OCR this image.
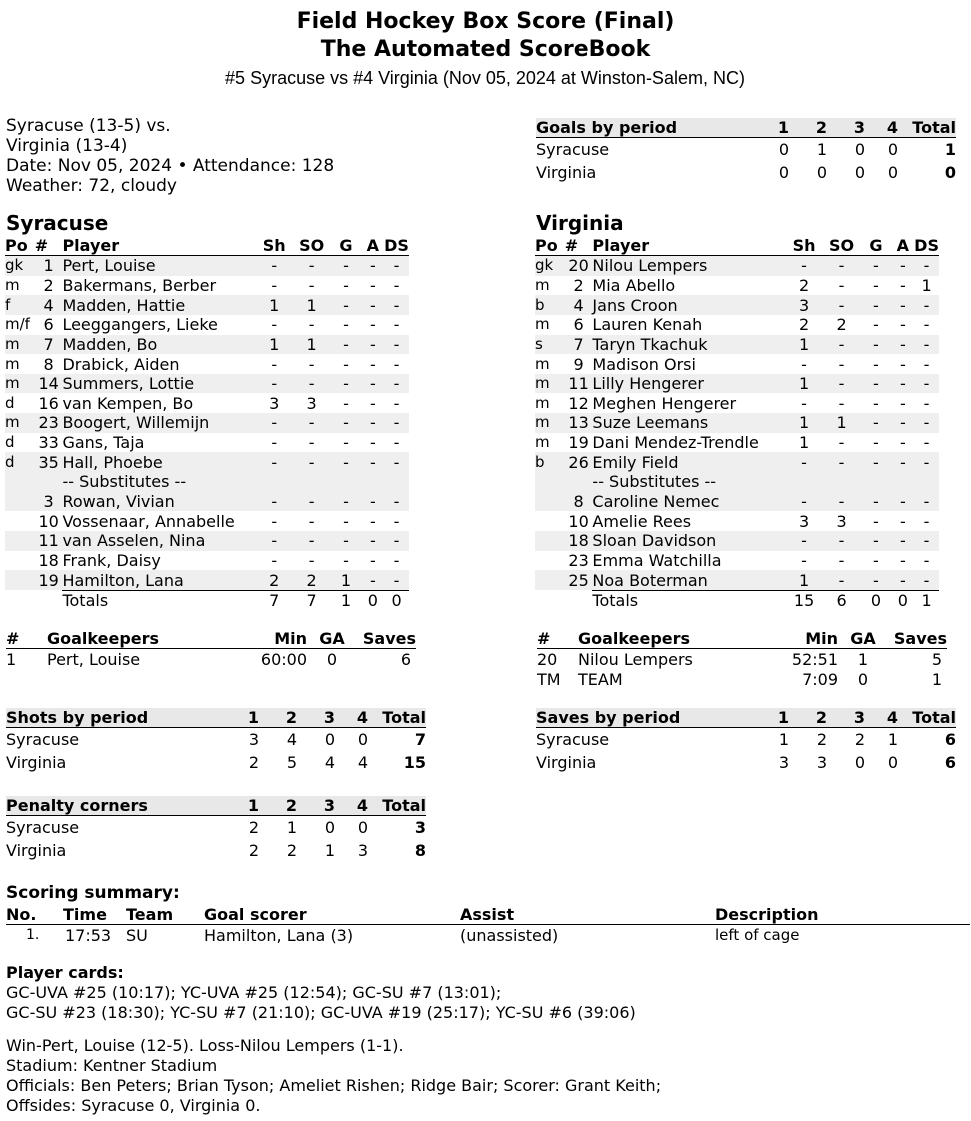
Field Hockey Box Score (Final)
The Automated ScoreBook
#5 Syracuse vs #4 Virginia (Nov 05, 2024 at Winston-Salem, NC)
Syracuse (13-5) vs.
Virginia (13-4)
Date: Nov 05, 2024 • Attendance: 128
Weather: 72, cloudy
Goals by period	1	2	3	4	Total
Syracuse	0	1	0	0	1
Virginia	0	0	0	0	0
Syracuse	Virginia
Po	#	Player	Sh	SO	G	A	DS
gk	1	Pert, Louise	-	-	-	-	-
m	2	Bakermans, Berber	-	-	-	-	-
f	4	Madden, Hattie	1	1	-	-	-
m/f	6	Leeggangers, Lieke	-	-	-	-	-
m	7	Madden, Bo	1	1	-	-	-
m	8	Drabick, Aiden	-	-	-	-	-
m	14	Summers, Lottie	-	-	-	-	-
d	16	van Kempen, Bo	3	3	-	-	-
m	23	Boogert, Willemijn	-	-	-	-	-
d	33	Gans, Taja	-	-	-	-	-
d	35	Hall, Phoebe	-	-	-	-	-
		-- Substitutes --					
	3	Rowan, Vivian	-	-	-	-	-
	10	Vossenaar, Annabelle	-	-	-	-	-
	11	van Asselen, Nina	-	-	-	-	-
	18	Frank, Daisy	-	-	-	-	-
	19	Hamilton, Lana	2	2	1	-	-
		Totals	7	7	1	0	0
Po	#	Player	Sh	SO	G	A	DS
gk	20	Nilou Lempers	-	-	-	-	-
m	2	Mia Abello	2	-	-	-	1
b	4	Jans Croon	3	-	-	-	-
m	6	Lauren Kenah	2	2	-	-	-
s	7	Taryn Tkachuk	1	-	-	-	-
m	9	Madison Orsi	-	-	-	-	-
m	11	Lilly Hengerer	1	-	-	-	-
m	12	Meghen Hengerer	-	-	-	-	-
m	13	Suze Leemans	1	1	-	-	-
m	19	Dani Mendez-Trendle	1	-	-	-	-
b	26	Emily Field	-	-	-	-	-
		-- Substitutes --					
	8	Caroline Nemec	-	-	-	-	-
	10	Amelie Rees	3	3	-	-	-
	18	Sloan Davidson	-	-	-	-	-
	23	Emma Watchilla	-	-	-	-	-
	25	Noa Boterman	1	-	-	-	-
		Totals	15	6	0	0	1
#	Goalkeepers	Min	GA	Saves
1	Pert, Louise	60:00	0	6
#	Goalkeepers	Min	GA	Saves
20	Nilou Lempers	52:51	1	5
TM	TEAM	7:09	0	1
Shots by period	1	2	3	4	Total
Syracuse	3	4	0	0	7
Virginia	2	5	4	4	15
Saves by period	1	2	3	4	Total
Syracuse	1	2	2	1	6
Virginia	3	3	0	0	6
Penalty corners	1	2	3	4	Total
Syracuse	2	1	0	0	3
Virginia	2	2	1	3	8
Scoring summary:
No.	Time	Team	Goal scorer	Assist	Description
1.	17:53	SU	Hamilton, Lana (3)	(unassisted)	left of cage
Player cards:
GC-UVA #25 (10:17); YC-UVA #25 (12:54); GC-SU #7 (13:01);
GC-SU #23 (18:30); YC-SU #7 (21:10); GC-UVA #19 (25:17); YC-SU #6 (39:06)
Win-Pert, Louise (12-5). Loss-Nilou Lempers (1-1).
Stadium: Kentner Stadium
Officials: Ben Peters; Brian Tyson; Ameliet Rishen; Ridge Bair; Scorer: Grant Keith;
Offsides: Syracuse 0, Virginia 0.
